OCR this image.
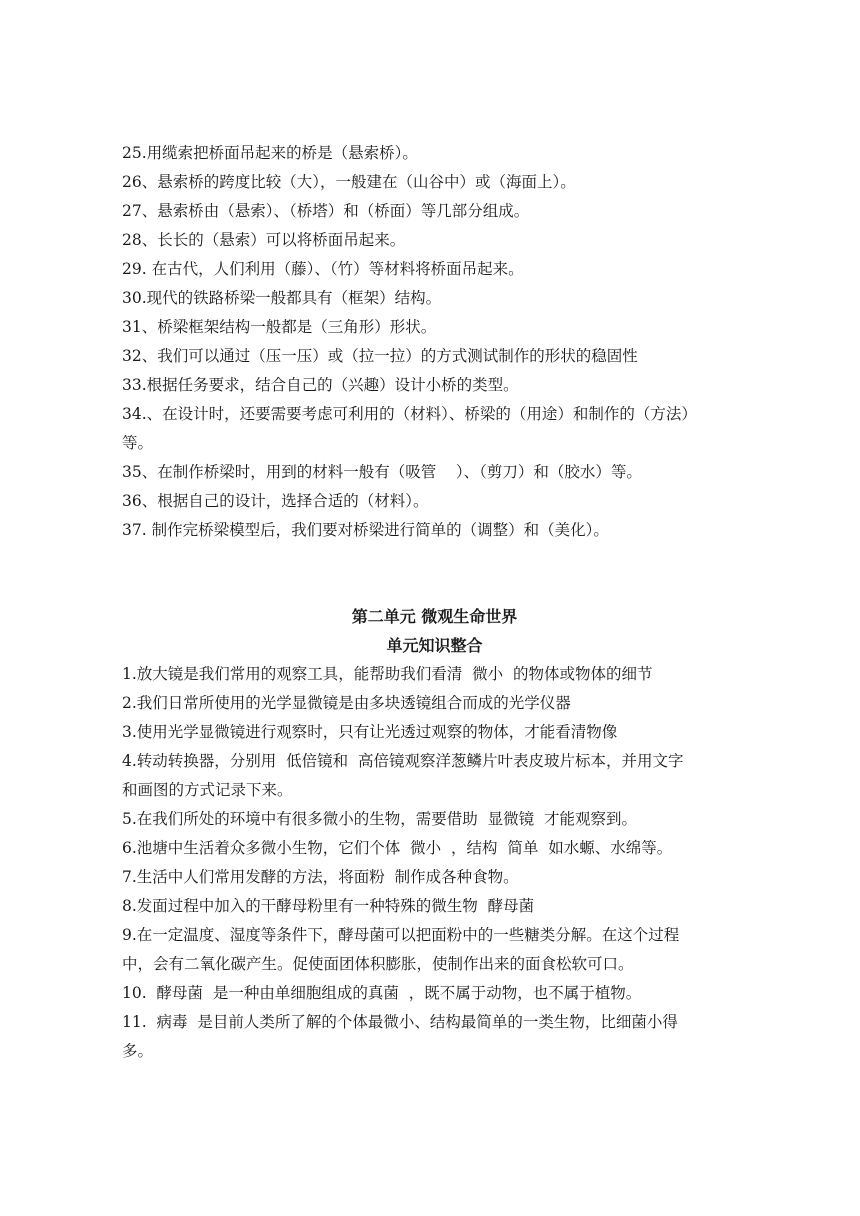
25.用缆索把桥面吊起来的桥是（悬索桥）。

26、悬索桥的跨度比较（大），一般建在（山谷中）或（海面上）。

27、悬索桥由（悬索）、（桥塔）和（桥面）等几部分组成。

28、长长的（悬索）可以将桥面吊起来。

29. 在古代，人们利用（藤）、（竹）等材料将桥面吊起来。

30.现代的铁路桥梁一般都具有（框架）结构。

31、桥梁框架结构一般都是（三角形）形状。

32、我们可以通过（压一压）或（拉一拉）的方式测试制作的形状的稳固性

33.根据任务要求，结合自己的（兴趣）设计小桥的类型。

34.、在设计时，还要需要考虑可利用的（材料）、桥梁的（用途）和制作的（方法）

等。

35、在制作桥梁时，用到的材料一般有（吸管    ）、（剪刀）和（胶水）等。

36、根据自己的设计，选择合适的（材料）。

37. 制作完桥梁模型后，我们要对桥梁进行简单的（调整）和（美化）。

第二单元 微观生命世界

单元知识整合

1.放大镜是我们常用的观察工具，能帮助我们看清  微小  的物体或物体的细节

2.我们日常所使用的光学显微镜是由多块透镜组合而成的光学仪器

3.使用光学显微镜进行观察时，只有让光透过观察的物体，才能看清物像

4.转动转换器，分别用  低倍镜和  高倍镜观察洋葱鳞片叶表皮玻片标本，并用文字

和画图的方式记录下来。

5.在我们所处的环境中有很多微小的生物，需要借助  显微镜  才能观察到。

6.池塘中生活着众多微小生物，它们个体  微小  ，结构  简单  如水螈、水绵等。

7.生活中人们常用发酵的方法，将面粉  制作成各种食物。

8.发面过程中加入的干酵母粉里有一种特殊的微生物  酵母菌

9.在一定温度、湿度等条件下，酵母菌可以把面粉中的一些糖类分解。在这个过程

中，会有二氧化碳产生。促使面团体积膨胀，使制作出来的面食松软可口。

10.  酵母菌  是一种由单细胞组成的真菌  ，既不属于动物，也不属于植物。

11.  病毒  是目前人类所了解的个体最微小、结构最简单的一类生物，比细菌小得

多。
